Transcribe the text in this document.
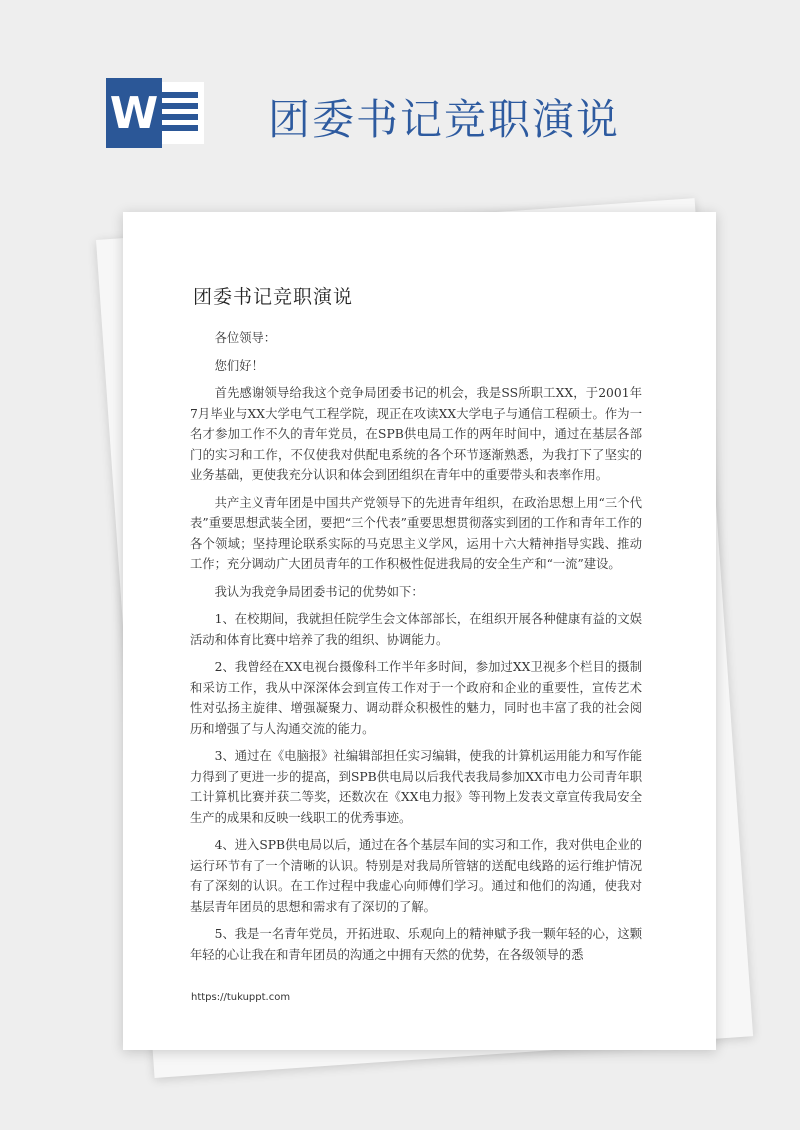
W	团委书记竞职演说
团委书记竞职演说

各位领导：

您们好！

首先感谢领导给我这个竞争局团委书记的机会，我是SS所职工XX，于2001年7月毕业与XX大学电气工程学院，现正在攻读XX大学电子与通信工程硕士。作为一名才参加工作不久的青年党员，在SPB供电局工作的两年时间中，通过在基层各部门的实习和工作，不仅使我对供配电系统的各个环节逐渐熟悉，为我打下了坚实的业务基础，更使我充分认识和体会到团组织在青年中的重要带头和表率作用。

共产主义青年团是中国共产党领导下的先进青年组织，在政治思想上用“三个代表”重要思想武装全团，要把“三个代表”重要思想贯彻落实到团的工作和青年工作的各个领域；坚持理论联系实际的马克思主义学风，运用十六大精神指导实践、推动工作；充分调动广大团员青年的工作积极性促进我局的安全生产和“一流”建设。

我认为我竞争局团委书记的优势如下：

1、在校期间，我就担任院学生会文体部部长，在组织开展各种健康有益的文娱活动和体育比赛中培养了我的组织、协调能力。

2、我曾经在XX电视台摄像科工作半年多时间，参加过XX卫视多个栏目的摄制和采访工作，我从中深深体会到宣传工作对于一个政府和企业的重要性，宣传艺术性对弘扬主旋律、增强凝聚力、调动群众积极性的魅力，同时也丰富了我的社会阅历和增强了与人沟通交流的能力。

3、通过在《电脑报》社编辑部担任实习编辑，使我的计算机运用能力和写作能力得到了更进一步的提高，到SPB供电局以后我代表我局参加XX市电力公司青年职工计算机比赛并获二等奖，还数次在《XX电力报》等刊物上发表文章宣传我局安全生产的成果和反映一线职工的优秀事迹。

4、进入SPB供电局以后，通过在各个基层车间的实习和工作，我对供电企业的运行环节有了一个清晰的认识。特别是对我局所管辖的送配电线路的运行维护情况有了深刻的认识。在工作过程中我虚心向师傅们学习。通过和他们的沟通，使我对基层青年团员的思想和需求有了深切的了解。

5、我是一名青年党员，开拓进取、乐观向上的精神赋予我一颗年轻的心，这颗年轻的心让我在和青年团员的沟通之中拥有天然的优势，在各级领导的悉

https://tukuppt.com
